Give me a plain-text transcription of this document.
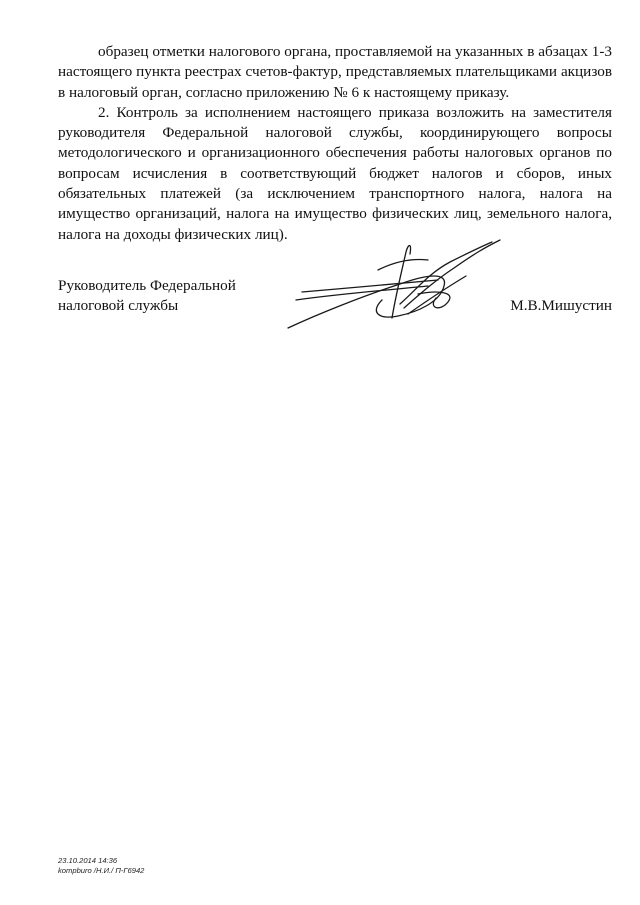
образец отметки налогового органа, проставляемой на указанных в абзацах 1-3 настоящего пункта реестрах счетов-фактур, представляемых плательщиками акцизов в налоговый орган, согласно приложению № 6 к настоящему приказу.

2. Контроль за исполнением настоящего приказа возложить на заместителя руководителя Федеральной налоговой службы, координирующего вопросы методологического и организационного обеспечения работы налоговых органов по вопросам исчисления в соответствующий бюджет налогов и сборов, иных обязательных платежей (за исключением транспортного налога, налога на имущество организаций, налога на имущество физических лиц, земельного налога, налога на доходы физических лиц).

Руководитель Федеральной
налоговой службы	М.В.Мишустин
23.10.2014 14:36
kompburo /Н.И./ П-Г6942
